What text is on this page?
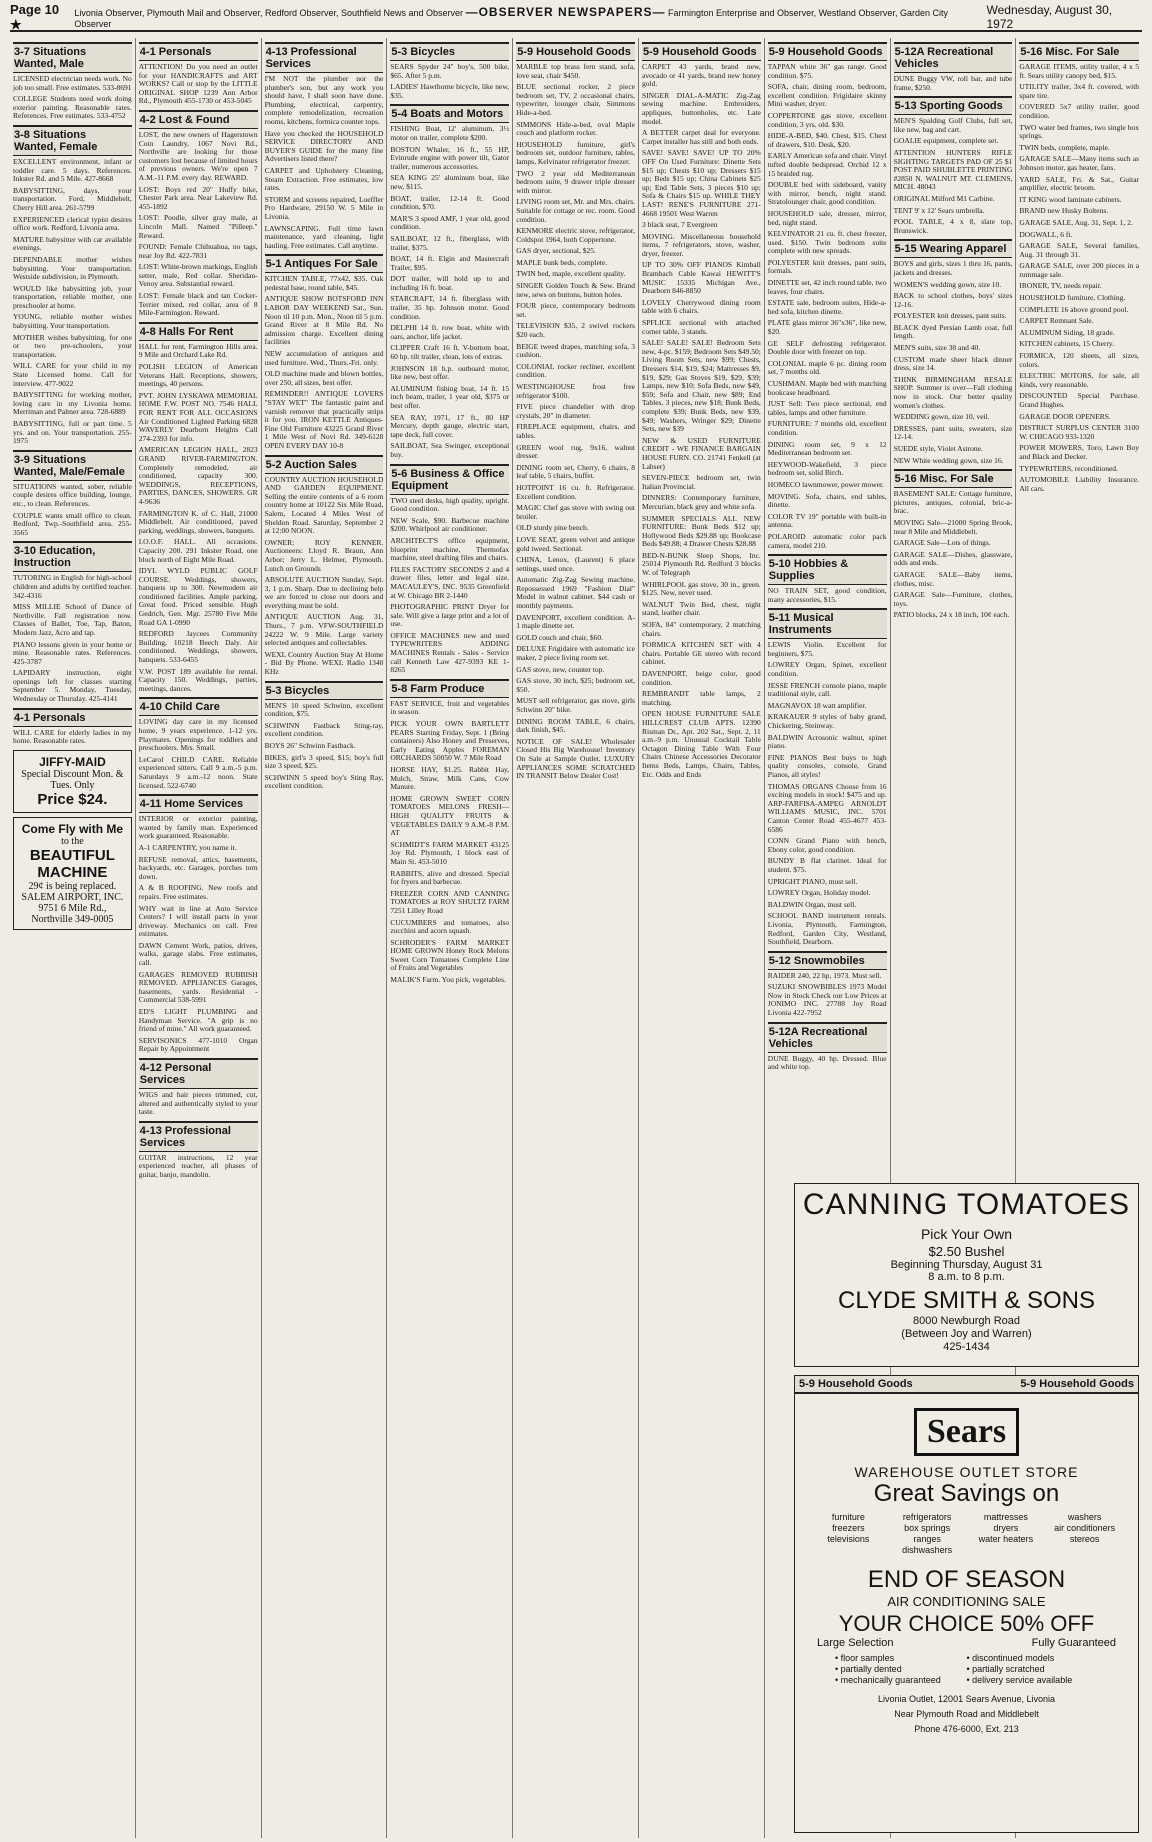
Page 10 ★
Livonia Observer, Plymouth Mail and Observer, Redford Observer, Southfield News and Observer —OBSERVER NEWSPAPERS— Farmington Enterprise and Observer, Westland Observer, Garden City Observer
Wednesday, August 30, 1972
3-7 Situations Wanted, Male
LICENSED electrician needs work. No job too small. Free estimates. 533-8691
COLLEGE Students need work doing exterior painting. Reasonable rates. References. Free estimates. 533-4752
3-8 Situations Wanted, Female
EXCELLENT environment, infant or toddler care. 5 days. References. Inkster Rd. and 5 Mile. 427-8668
BABYSITTING, days, your transportation. Ford, Middlebelt, Cherry Hill area. 261-5799
EXPERIENCED clerical typist desires office work. Redford, Livonia area.
MATURE babysitter with car available evenings.
DEPENDABLE mother wishes babysitting. Your transportation. Westside subdivision, in Plymouth.
WOULD like babysitting job, your transportation, reliable mother, one preschooler at home.
YOUNG, reliable mother wishes babysitting. Your transportation.
MOTHER wishes babysitting, for one or two pre-schoolers, your transportation.
WILL CARE for your child in my State Licensed home. Call for interview. 477-9022
BABYSITTING for working mother, loving care in my Livonia home. Merriman and Palmer area. 728-6889
BABYSITTING, full or part time. 5 yrs. and on. Your transportation. 255-1975
3-9 Situations Wanted, Male/Female
SITUATIONS wanted, sober, reliable couple desires office building, lounge, etc., to clean. References.
COUPLE wants small office to clean. Redford, Twp.-Southfield area. 255-3565
3-10 Education, Instruction
TUTORING in English for high-school children and adults by certified teacher. 342-4316
MISS MILLIE School of Dance of Northville. Fall registration now. Classes of Ballet, Toe, Tap, Baton, Modern Jazz, Acro and tap.
PIANO lessons given in your home or mine. Reasonable rates. References. 425-3787
LAPIDARY instruction, eight openings left for classes starting September 5. Monday, Tuesday, Wednesday or Thursday. 425-4141
4-1 Personals
WILL CARE for elderly ladies in my home. Reasonable rates.
JIFFY-MAID
Special Discount Mon. & Tues. Only
Price $24.
Come Fly with Me
to the
BEAUTIFUL MACHINE
29¢ is being replaced. SALEM AIRPORT, INC. 9751 6 Mile Rd., Northville 349-0005
4-1 Personals
ATTENTION! Do you need an outlet for your HANDICRAFTS and ART WORKS? Call or stop by the LITTLE ORIGINAL SHOP 1239 Ann Arbor Rd., Plymouth 455-1730 or 453-5045
4-2 Lost & Found
LOST, the new owners of Hagerstown Coin Laundry, 1067 Novi Rd., Northville are looking for those customers lost because of limited hours of previous owners. We're open 7 A.M.-11 P.M. every day. REWARD.
LOST: Boys red 20" Huffy bike, Chester Park area. Near Lakeview Rd. 455-1892
LOST: Poodle, silver gray male, at Lincoln Mall. Named "Pilleep." Reward.
FOUND: Female Chihuahua, no tags, near Joy Rd. 422-7831
LOST: White-brown markings, English setter, male, Red collar. Sheridan-Venoy area. Substantial reward.
LOST: Female black and tan Cocker-Terrier mixed, red collar, area of 8 Mile-Farmington. Reward.
4-8 Halls For Rent
HALL for rent, Farmington Hills area. 9 Mile and Orchard Lake Rd.
POLISH LEGION of American Veterans Hall. Receptions, showers, meetings, 40 persons.
PVT. JOHN LYSKAWA MEMORIAL HOME F.W. POST NO. 7546 HALL FOR RENT FOR ALL OCCASIONS Air Conditioned Lighted Parking 6828 WAVERLY Dearborn Heights Call 274-2393 for info.
AMERICAN LEGION HALL, 2823 GRAND RIVER-FARMINGTON. Completely remodeled, air conditioned, capacity 300. WEDDINGS, RECEPTIONS, PARTIES, DANCES, SHOWERS. GR 4-9636
FARMINGTON K. of C. Hall, 21000 Middlebelt. Air conditioned, paved parking, weddings, showers, banquets.
I.O.O.F. HALL. All occasions. Capacity 200. 291 Inkster Road, one block north of Eight Mile Road.
IDYL WYLD PUBLIC GOLF COURSE. Weddings, showers, banquets up to 300. Newmodern air conditioned facilities. Ample parking. Great food. Priced sensible. Hugh Gedrich, Gen. Mgr. 25780 Five Mile Road GA 1-0990
REDFORD Jaycees Community Building, 10218 Beech Daly. Air conditioned. Weddings, showers, banquets. 533-6455
V.W. POST 189 available for rental. Capacity 150. Weddings, parties, meetings, dances.
4-10 Child Care
LOVING day care in my licensed home, 9 years experience. 1-12 yrs. Playmates. Openings for toddlers and preschoolers. Mrs. Small.
LeCarol CHILD CARE. Reliable experienced sitters. Call 9 a.m.-5 p.m. Saturdays 9 a.m.-12 noon. State licensed. 522-6740
4-11 Home Services
INTERIOR or exterior painting, wanted by family man. Experienced work guaranteed. Reasonable.
A-1 CARPENTRY, you name it.
REFUSE removal, attics, basements, backyards, etc. Garages, porches torn down.
A & B ROOFING. New roofs and repairs. Free estimates.
WHY wait in line at Auto Service Centers? I will install parts in your driveway. Mechanics on call. Free estimates.
DAWN Cement Work, patios, drives, walks, garage slabs. Free estimates, call.
GARAGES REMOVED RUBBISH REMOVED. APPLIANCES Garages, basements, yards. Residential - Commercial 538-5991
ED'S LIGHT PLUMBING and Handyman Service. "A grip is no friend of mine." All work guaranteed.
SERVISONICS 477-1010 Organ Repair by Appointment
4-12 Personal Services
WIGS and hair pieces trimmed, cut, altered and authentically styled to your taste.
4-13 Professional Services
GUITAR instructions, 12 year experienced teacher, all phases of guitar, banjo, mandolin.
4-13 Professional Services
I'M NOT the plumber nor the plumber's son, but any work you should have, I shall soon have done. Plumbing, electrical, carpentry, complete remodelization, recreation rooms, kitchens, formica counter tops.
Have you checked the HOUSEHOLD SERVICE DIRECTORY AND BUYER'S GUIDE for the many fine Advertisers listed there?
CARPET and Upholstery Cleaning, Steam Extraction. Free estimates, low rates.
STORM and screens repaired, Loeffler Pro Hardware, 29150 W. 5 Mile in Livonia.
LAWNSCAPING. Full time lawn maintenance, yard cleaning, light hauling. Free estimates. Call anytime.
5-1 Antiques For Sale
KITCHEN TABLE, 77x42, $35. Oak pedestal base, round table, $45.
ANTIQUE SHOW BOTSFORD INN LABOR DAY WEEKEND Sat., Sun. Noon til 10 p.m. Mon., Noon til 5 p.m. Grand River at 8 Mile Rd. No admission charge. Excellent dining facilities
NEW accumulation of antiques and used furniture. Wed., Thurs.-Fri. only.
OLD machine made and blown bottles, over 250, all sizes, best offer.
REMINDER!! ANTIQUE LOVERS "STAY WET" The fantastic paint and varnish remover that practically strips it for you. IRON KETTLE Antiques-Fine Old Furniture 43225 Grand River 1 Mile West of Novi Rd. 349-6128 OPEN EVERY DAY 10-8
5-2 Auction Sales
COUNTRY AUCTION HOUSEHOLD AND GARDEN EQUIPMENT. Selling the entire contents of a 6 room country home at 10122 Six Mile Road, Salem, Located 4 Miles West of Sheldon Road. Saturday, September 2 at 12:00 NOON.
OWNER: ROY KENNER. Auctioneers: Lloyd R. Braun, Ann Arbor; Jerry L. Helmer, Plymouth. Lunch on Grounds
ABSOLUTE AUCTION Sunday, Sept. 3, 1 p.m. Sharp. Due to declining help we are forced to close our doors and everything must be sold.
ANTIQUE AUCTION Aug. 31, Thurs., 7 p.m. VFW-SOUTHFIELD 24222 W. 9 Mile. Large variety selected antiques and collectables.
WEXL Country Auction Stay At Home - Bid By Phone. WEXL Radio 1340 KHz
5-3 Bicycles
MEN'S 10 speed Schwinn, excellent condition, $75.
SCHWINN Fastback Sting-ray, excellent condition.
BOYS 26" Schwinn Fastback.
BIKES, girl's 3 speed, $15; boy's full size 3 speed, $25.
SCHWINN 5 speed boy's Sting Ray, excellent condition.
5-3 Bicycles
SEARS Spyder 24" boy's, 500 bike, $65. After 5 p.m.
LADIES' Hawthorne bicycle, like new, $35.
5-4 Boats and Motors
FISHING Boat, 12' aluminum, 3½ motor on trailer, complete $200.
BOSTON Whaler, 16 ft., 55 HP, Evinrude engine with power tilt, Gator trailer, numerous accessories.
SEA KING 25' aluminum boat, like new, $115.
BOAT, trailer, 12-14 ft. Good condition, $70.
MAR'S 3 speed AMF, 1 year old, good condition.
SAILBOAT, 12 ft., fiberglass, with trailer, $375.
BOAT, 14 ft. Elgin and Mastercraft Trailer, $95.
DOT trailer, will hold up to and including 16 ft. boat.
STARCRAFT, 14 ft. fiberglass with trailer, 35 hp. Johnson motor. Good condition.
DELPHI 14 ft. row boat, white with oars, anchor, life jacket.
CLIPPER Craft 16 ft. V-bottom boat, 60 hp. tilt trailer, clean, lots of extras.
JOHNSON 18 h.p. outboard motor, like new, best offer.
ALUMINUM fishing boat, 14 ft. 15 inch beam, trailer, 1 year old, $375 or best offer.
SEA RAY, 1971, 17 ft., 80 HP Mercury, depth gauge, electric start, tape deck, full cover.
SAILBOAT, Sea Swinger, exceptional buy.
5-6 Business & Office Equipment
TWO steel desks, high quality, upright. Good condition.
NEW Scale, $90. Barbecue machine $200. Whirlpool air conditioner.
ARCHITECT'S office equipment, blueprint machine, Thermofax machine, steel drafting files and chairs.
FILES FACTORY SECONDS 2 and 4 drawer files, letter and legal size. MACAULEY'S, INC. 9535 Greenfield at W. Chicago BR 2-1440
PHOTOGRAPHIC PRINT Dryer for sale. Will give a large print and a lot of use.
OFFICE MACHINES new and used TYPEWRITERS ADDING MACHINES Rentals - Sales - Service call Kenneth Law 427-9393 KE 1-8265
5-8 Farm Produce
FAST SERVICE, fruit and vegetables in season.
PICK YOUR OWN BARTLETT PEARS Starting Friday, Sept. 1 (Bring containers) Also Honey and Preserves, Early Eating Apples FOREMAN ORCHARDS 50050 W. 7 Mile Road
HORSE HAY, $1.25. Rabbit Hay, Mulch, Straw, Milk Cans, Cow Manure.
HOME GROWN SWEET CORN TOMATOES MELONS FRESH—HIGH QUALITY FRUITS & VEGETABLES DAILY 9 A.M.-8 P.M. AT
SCHMIDT'S FARM MARKET 43125 Joy Rd. Plymouth, 1 block east of Main St. 453-5010
RABBITS, alive and dressed. Special for fryers and barbecue.
FREEZER CORN AND CANNING TOMATOES at ROY SHULTZ FARM 7251 Lilley Road
CUCUMBERS and tomatoes, also zucchini and acorn squash.
SCHRODER'S FARM MARKET HOME GROWN Honey Rock Melons Sweet Corn Tomatoes Complete Line of Fruits and Vegetables
MALIK'S Farm. You pick, vegetables.
5-9 Household Goods
MARBLE top brass fern stand, sofa, love seat, chair $450.
BLUE sectional rocker, 2 piece bedroom set, TV, 2 occasional chairs, typewriter, lounger chair, Simmons Hide-a-bed.
SIMMONS Hide-a-bed, oval Maple couch and platform rocker.
HOUSEHOLD furniture, girl's bedroom set, outdoor furniture, tables, lamps, Kelvinator refrigerator freezer.
TWO 2 year old Mediterranean bedroom suite, 9 drawer triple dresser with mirror.
LIVING room set, Mr. and Mrs. chairs. Suitable for cottage or rec. room. Good condition.
KENMORE electric stove, refrigerator, Coldspot 1964, both Coppertone.
GAS dryer, sectional, $25.
MAPLE bunk beds, complete.
TWIN bed, maple, excellent quality.
SINGER Golden Touch & Sew. Brand new, sews on buttons, button holes.
FOUR piece, contemporary bedroom set.
TELEVISION $35, 2 swivel rockers $20 each.
BEIGE tweed drapes, matching sofa, 3 cushion.
COLONIAL rocker recliner, excellent condition.
WESTINGHOUSE frost free refrigerator $100.
FIVE piece chandelier with drop crystals, 20" in diameter.
FIREPLACE equipment, chairs, and tables.
GREEN wool rug, 9x16, walnut dresser.
DINING room set, Cherry, 6 chairs, 8 leaf table, 5 chairs, buffet.
HOTPOINT 16 cu. ft. Refrigerator. Excellent condition.
MAGIC Chef gas stove with swing out broiler.
OLD sturdy pine bench.
LOVE SEAT, green velvet and antique gold tweed. Sectional.
CHINA, Lenox, (Laurent) 6 place settings, used once.
Automatic Zig-Zag Sewing machine. Repossessed 1969 "Fashion Dial" Model in walnut cabinet. $44 cash or monthly payments.
DAVENPORT, excellent condition. A-1 maple dinette set.
GOLD couch and chair, $60.
DELUXE Frigidaire with automatic ice maker, 2 piece living room set.
GAS stove, new, counter top.
GAS stove, 30 inch, $25; bedroom set, $50.
MUST sell refrigerator, gas stove, girls Schwinn 20" bike.
DINING ROOM TABLE, 6 chairs, dark finish, $45.
NOTICE OF SALE! Wholesaler Closed His Big Warehouse! Inventory On Sale at Sample Outlet. LUXURY APPLIANCES SOME SCRATCHED IN TRANSIT Below Dealer Cost!
5-9 Household Goods
CARPET 43 yards, brand new, avocado or 41 yards, brand new honey gold.
SINGER DIAL-A-MATIC Zig-Zag sewing machine. Embroiders, appliques, buttonholes, etc. Late model.
A BETTER carpet deal for everyone. Carpet installer has still and both ends.
SAVE! SAVE! SAVE! UP TO 20% OFF On Used Furniture: Dinette Sets $15 up; Chests $10 up; Dressers $15 up; Beds $15 up; China Cabinets $25 up; End Table Sets, 3 pieces $10 up; Sofa & Chairs $15 up. WHILE THEY LAST! RENE'S FURNITURE 271-4668 19501 West Warren
3 black seat, 7 Evergreen
MOVING. Miscellaneous household items, 7 refrigerators, stove, washer, dryer, freezer.
UP TO 30% OFF PIANOS Kimball Brambach Cable Kawai HEWITT'S MUSIC 15335 Michigan Ave., Dearborn 846-8850
LOVELY Cherrywood dining room table with 6 chairs.
SPFLICE sectional with attached corner table, 3 stands.
SALE! SALE! SALE! Bedroom Sets new, 4-pc. $159; Bedroom Sets $49.50; Living Room Sets, new $99; Chests, Dressers $14, $19, $24; Mattresses $9, $19, $29; Gas Stoves $19, $29, $39; Lamps, new $10; Sofa Beds, new $49, $59; Sofa and Chair, new $89; End Tables, 3 pieces, new $18; Bunk Beds, complete $39; Bunk Beds, new $39, $49; Washers, Wringer $29; Dinette Sets, new $39
NEW & USED FURNITURE CREDIT - WE FINANCE BARGAIN HOUSE FURN. CO. 21741 Fenkell (at Lahser)
SEVEN-PIECE bedroom set, twin Italian Provincial.
DINNERS: Contemporary furniture, Mercurian, black grey and white sofa.
SUMMER SPECIALS ALL NEW FURNITURE: Bunk Beds $12 up; Hollywood Beds $29.88 up; Bookcase Beds $49.88; 4 Drawer Chests $28.88
BED-N-BUNK Sleep Shops, Inc. 25014 Plymouth Rd. Redford 3 blocks W. of Telegraph
WHIRLPOOL gas stove, 30 in., green. $125. New, never used.
WALNUT Twin Bed, chest, night stand, leather chair.
SOFA, 84" contemporary, 2 matching chairs.
FORMICA KITCHEN SET with 4 chairs. Portable GE stereo with record cabinet.
DAVENPORT, beige color, good condition.
REMBRANDT table lamps, 2 matching.
OPEN HOUSE FURNITURE SALE HILLCREST CLUB APTS. 12390 Risman Dr., Apt. 202 Sat., Sept. 2, 11 a.m.-9 p.m. Unusual Cocktail Table Octagon Dining Table With Four Chairs Chinese Accessories Decorator Items Beds, Lamps, Chairs, Tables, Etc. Odds and Ends
5-9 Household Goods
TAPPAN white 36" gas range. Good condition. $75.
SOFA, chair, dining room, bedroom, excellent condition. Frigidaire skinny Mini washer, dryer.
COPPERTONE gas stove, excellent condition, 3 yrs. old. $30.
HIDE-A-BED, $40. Chest, $15. Chest of drawers, $10. Desk, $20.
EARLY American sofa and chair. Vinyl tufted double bedspread. Orchid 12 x 15 braided rug.
DOUBLE bed with sideboard, vanity with mirror, bench, night stand. Stratolounger chair, good condition.
HOUSEHOLD sale, dresser, mirror, bed, night stand.
KELVINATOR 21 cu. ft. chest freezer, used. $150. Twin bedroom suite complete with new spreads.
POLYESTER knit dresses, pant suits, formals.
DINETTE set, 42 inch round table, two leaves, four chairs.
ESTATE sale, bedroom suites, Hide-a-bed sofa, kitchen dinette.
PLATE glass mirror 36"x36", like new, $20.
GE SELF defrosting refrigerator. Double door with freezer on top.
COLONIAL maple 6 pc. dining room set, 7 months old.
CUSHMAN. Maple bed with matching bookcase headboard.
JUST Sell: Two piece sectional, end tables, lamps and other furniture.
FURNITURE: 7 months old, excellent condition.
DINING room set, 9 x 12 Mediterranean bedroom set.
HEYWOOD-Wakefield, 3 piece bedroom set, solid Birch.
HOMECO lawnmower, power mower.
MOVING. Sofa, chairs, end tables, dinette.
COLOR TV 19" portable with built-in antenna.
POLAROID automatic color pack camera, model 210.
5-10 Hobbies & Supplies
NO TRAIN SET, good condition, many accessories, $15.
5-11 Musical Instruments
LEWIS Violin. Excellent for beginners, $75.
LOWREY Organ, Spinet, excellent condition.
JESSE FRENCH console piano, maple traditional style, call.
MAGNAVOX 18 watt amplifier.
KRAKAUER 9 styles of baby grand, Chickering, Steinway.
BALDWIN Acrosonic walnut, spinet piano.
FINE PIANOS Best buys to high quality consoles, console, Grand Pianos, all styles!
THOMAS ORGANS Choose from 16 exciting models in stock! $475 and up. ARP-FARFISA-AMPEG ARNOLDT WILLIAMS MUSIC, INC. 5701 Canton Center Road 455-4677 453-6586
CONN Grand Piano with bench, Ebony color, good condition.
BUNDY B flat clarinet. Ideal for student. $75.
UPRIGHT PIANO, must sell.
LOWREY Organ, Holiday model.
BALDWIN Organ, must sell.
SCHOOL BAND instrument rentals. Livonia, Plymouth, Farmington, Redford, Garden City, Westland, Southfield, Dearborn.
5-12 Snowmobiles
RAIDER 240, 22 hp, 1973. Must sell.
SUZUKI SNOWBIBLES 1973 Model Now in Stock Check our Low Prices at JONIMO INC. 27788 Joy Road Livonia 422-7952
5-12A Recreational Vehicles
DUNE Buggy, 40 hp. Dressed. Blue and white top.
5-12A Recreational Vehicles
DUNE Buggy VW, roll bar, and tube frame, $250.
5-13 Sporting Goods
MEN'S Spalding Golf Clubs, full set, like new, bag and cart.
GOALIE equipment, complete set.
ATTENTION HUNTERS RIFLE SIGHTING TARGETS PAD OF 25 $1 POST PAID SHUBLETTE PRINTING #2850 N. WALNUT MT. CLEMENS, MICH. 48043
ORIGINAL Milford M1 Carbine.
TENT 9' x 12' Sears umbrella.
POOL TABLE, 4 x 8, slate top, Brunswick.
5-15 Wearing Apparel
BOYS and girls, sizes 1 thru 16, pants, jackets and dresses.
WOMEN'S wedding gown, size 10.
BACK to school clothes, boys' sizes 12-16.
POLYESTER knit dresses, pant suits.
BLACK dyed Persian Lamb coat, full length.
MEN'S suits, size 38 and 40.
CUSTOM made sheer black dinner dress, size 14.
THINK BIRMINGHAM RESALE SHOP. Summer is over—Fall clothing now in stock. Our better quality women's clothes.
WEDDING gown, size 10, veil.
DRESSES, pant suits, sweaters, size 12-14.
SUEDE style, Violet Astrone.
NEW White wedding gown, size 16.
5-16 Misc. For Sale
BASEMENT SALE: Cottage furniture, pictures, antiques, colonial, bric-a-brac.
MOVING Sale—21000 Spring Brook, near 8 Mile and Middlebelt.
GARAGE Sale—Lots of things.
GARAGE SALE—Dishes, glassware, odds and ends.
GARAGE SALE—Baby items, clothes, misc.
GARAGE Sale—Furniture, clothes, toys.
PATIO blocks, 24 x 18 inch, 10¢ each.
5-16 Misc. For Sale
GARAGE ITEMS, utility trailer, 4 x 5 ft. Sears utility canopy bed, $15.
UTILITY trailer, 3x4 ft. covered, with spare tire.
COVERED 5x7 utility trailer, good condition.
TWO water bed frames, two single box springs.
TWIN beds, complete, maple.
GARAGE SALE—Many items such as Johnson motor, gas heater, fans.
YARD SALE, Fri. & Sat., Guitar amplifier, electric broom.
IT KING wood laminate cabinets.
BRAND new Husky Boltens.
GARAGE SALE, Aug. 31, Sept. 1, 2.
DOGWALL, 6 ft.
GARAGE SALE, Several families, Aug. 31 through 31.
GARAGE SALE, over 200 pieces in a rummage sale.
IRONER, TV, needs repair.
HOUSEHOLD furniture, Clothing.
COMPLETE 16 above ground pool.
CARPET Remnant Sale.
ALUMINUM Siding, 18 grade.
KITCHEN cabinets, 15 Cherry.
FORMICA, 120 sheets, all sizes, colors.
ELECTRIC MOTORS, for sale, all kinds, very reasonable.
DISCOUNTED Special Purchase. Grand Hughes.
GARAGE DOOR OPENERS.
DISTRICT SURPLUS CENTER 3100 W. CHICAGO 933-1320
POWER MOWERS, Toro, Lawn Boy and Black and Decker.
TYPEWRITERS, reconditioned.
AUTOMOBILE Liability Insurance. All cars.
CANNING TOMATOES
Pick Your Own
$2.50 Bushel
Beginning Thursday, August 31
8 a.m. to 8 p.m.
CLYDE SMITH & SONS
8000 Newburgh Road
(Between Joy and Warren)
425-1434
5-9 Household Goods	5-9 Household Goods
Sears
WAREHOUSE OUTLET STORE
Great Savings on
furniture	refrigerators	mattresses	washers
freezers	box springs	dryers	air conditioners
televisions	ranges	water heaters	stereos
dishwashers
END OF SEASON
AIR CONDITIONING SALE
YOUR CHOICE 50% OFF
Large Selection	Fully Guaranteed
• floor samples	• discontinued models
• partially dented	• partially scratched
• mechanically guaranteed	• delivery service available
Livonia Outlet, 12001 Sears Avenue, Livonia
Near Plymouth Road and Middlebelt
Phone 476-6000, Ext. 213
